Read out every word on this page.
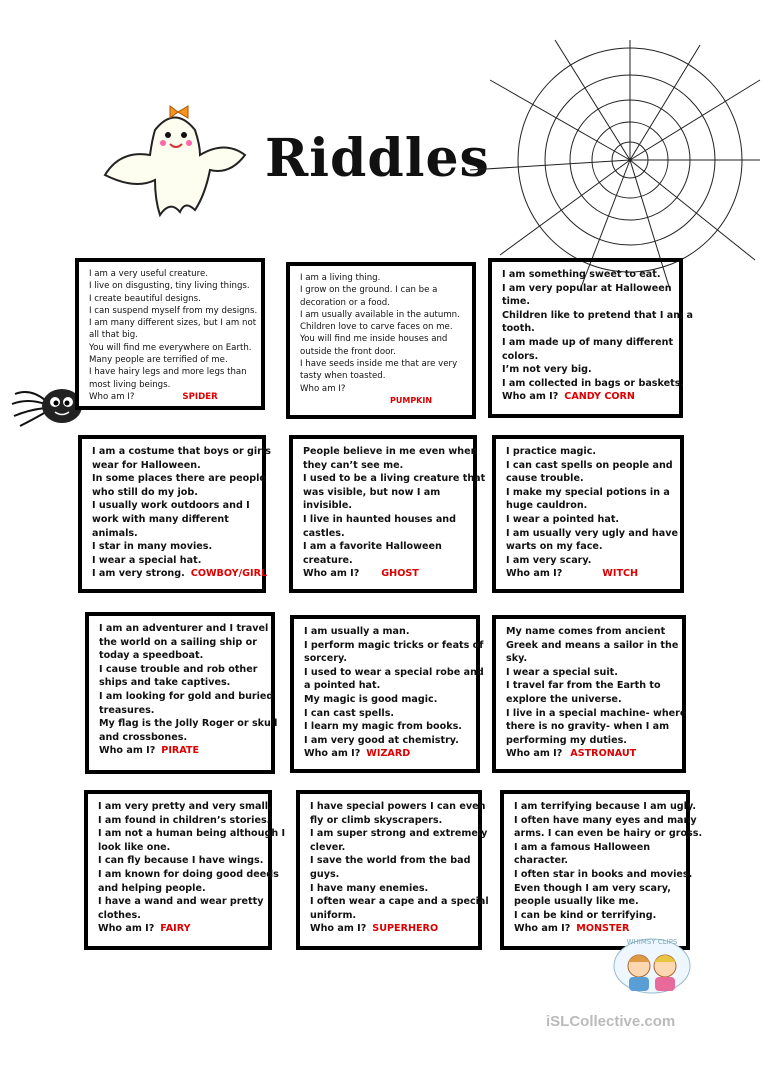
Riddles
I am a very useful creature.
I live on disgusting, tiny living things.
I create beautiful designs.
I can suspend myself from my designs.
I am many different sizes, but I am not
all that big.
You will find me everywhere on Earth.
Many people are terrified of me.
I have hairy legs and more legs than
most living beings.
Who am I?	SPIDER
I am a living thing.
I grow on the ground. I can be a
decoration or a food.
I am usually available in the autumn.
Children love to carve faces on me.
You will find me inside houses and
outside the front door.
I have seeds inside me that are very
tasty when toasted.
Who am I?
PUMPKIN
I am something sweet to eat.
I am very popular at Halloween
time.
Children like to pretend that I am a
tooth.
I am made up of many different
colors.
I’m not very big.
I am collected in bags or baskets.
Who am I? CANDY CORN
I am a costume that boys or girls
wear for Halloween.
In some places there are people
who still do my job.
I usually work outdoors and I
work with many different
animals.
I star in many movies.
I wear a special hat.
I am very strong. COWBOY/GIRL
People believe in me even when
they can’t see me.
I used to be a living creature that
was visible, but now I am
invisible.
I live in haunted houses and
castles.
I am a favorite Halloween
creature.
Who am I? GHOST
I practice magic.
I can cast spells on people and
cause trouble.
I make my special potions in a
huge cauldron.
I wear a pointed hat.
I am usually very ugly and have
warts on my face.
I am very scary.
Who am I?	WITCH
I am an adventurer and I travel
the world on a sailing ship or
today a speedboat.
I cause trouble and rob other
ships and take captives.
I am looking for gold and buried
treasures.
My flag is the Jolly Roger or skull
and crossbones.
Who am I? PIRATE
I am usually a man.
I perform magic tricks or feats of
sorcery.
I used to wear a special robe and
a pointed hat.
My magic is good magic.
I can cast spells.
I learn my magic from books.
I am very good at chemistry.
Who am I? WIZARD
My name comes from ancient
Greek and means a sailor in the
sky.
I wear a special suit.
I travel far from the Earth to
explore the universe.
I live in a special machine- where
there is no gravity- when I am
performing my duties.
Who am I? ASTRONAUT
I am very pretty and very small.
I am found in children’s stories.
I am not a human being although I
look like one.
I can fly because I have wings.
I am known for doing good deeds
and helping people.
I have a wand and wear pretty
clothes.
Who am I? FAIRY
I have special powers I can even
fly or climb skyscrapers.
I am super strong and extremely
clever.
I save the world from the bad
guys.
I have many enemies.
I often wear a cape and a special
uniform.
Who am I? SUPERHERO
I am terrifying because I am ugly.
I often have many eyes and many
arms. I can even be hairy or gross.
I am a famous Halloween
character.
I often star in books and movies.
Even though I am very scary,
people usually like me.
I can be kind or terrifying.
Who am I? MONSTER
WHIMSY CLIPS
iSLCollective.com
